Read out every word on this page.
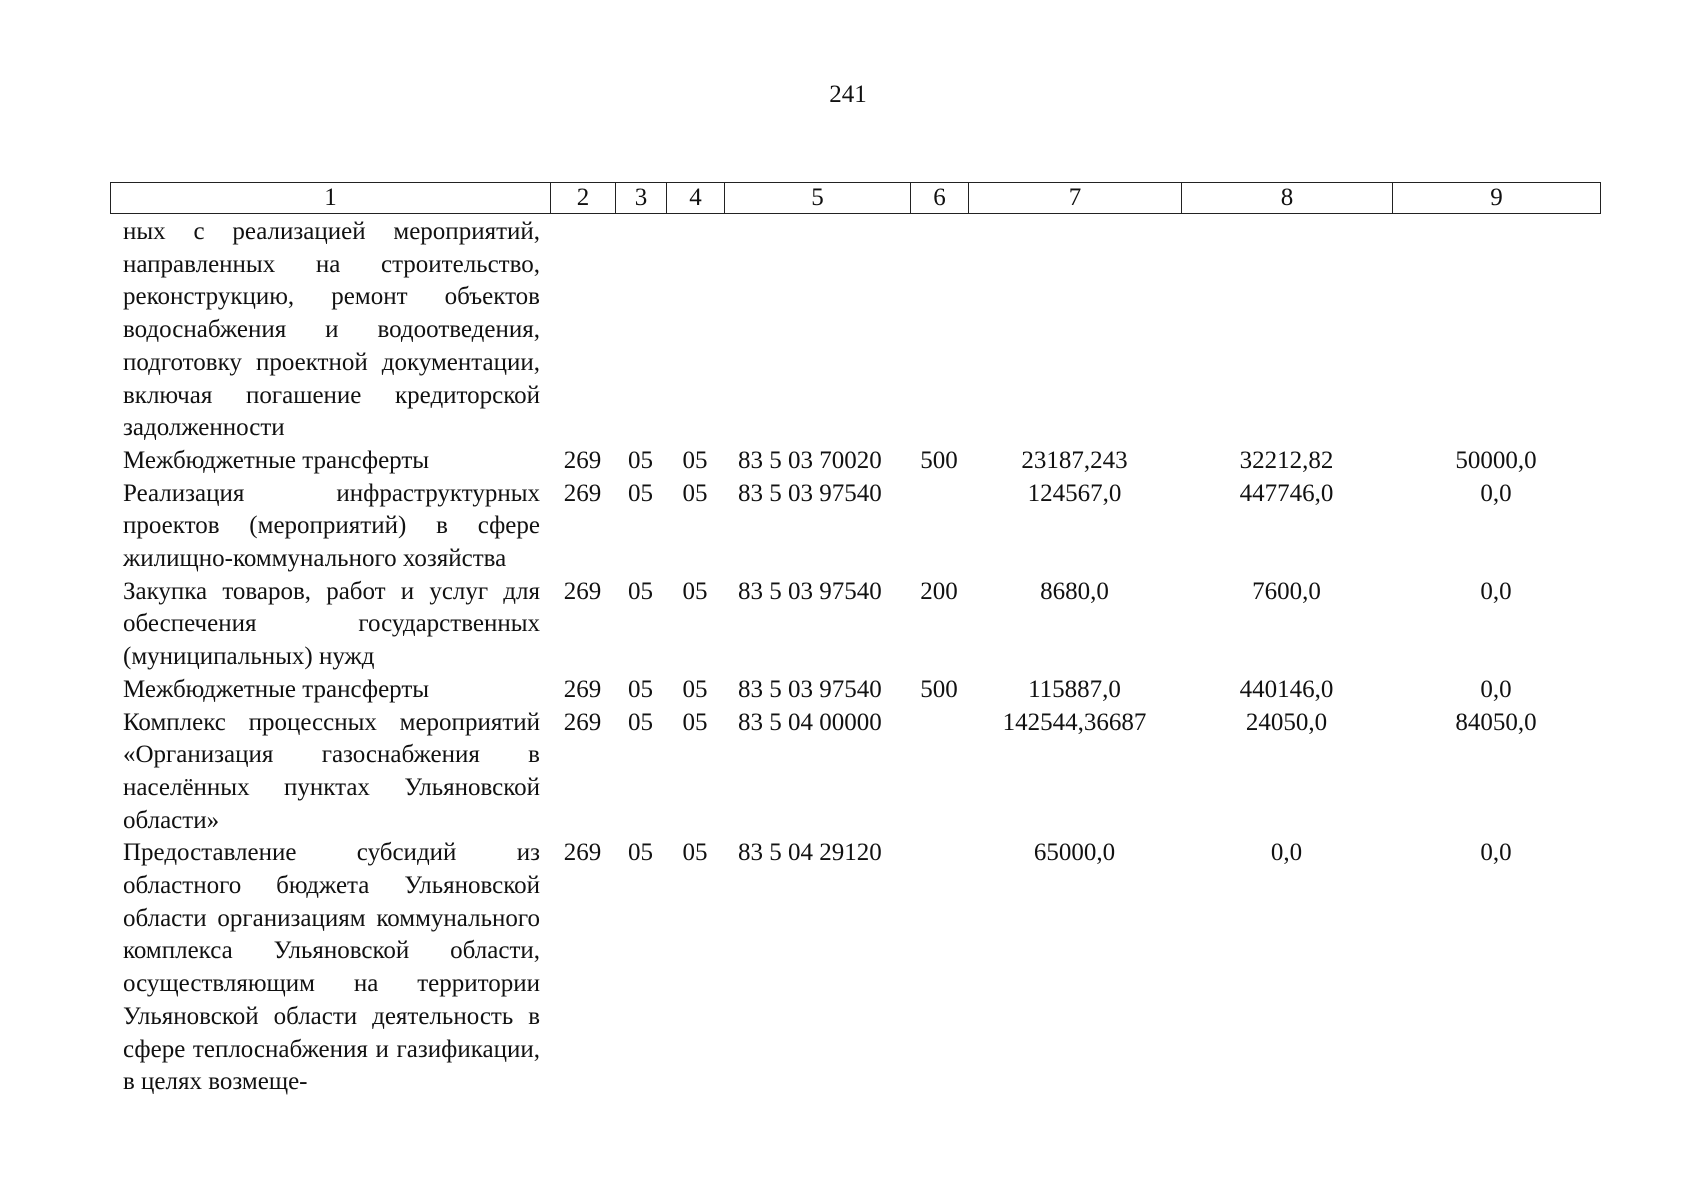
241
1	2	3	4	5	6	7	8	9
ных с реализацией мероприятий, направленных на строительство, реконструкцию, ремонт объектов водоснабжения и водоотведения, подготовку проектной документации, включая погашение кредиторской задолженности								
Межбюджетные трансферты	269	05	05	83 5 03 70020	500	23187,243	32212,82	50000,0
Реализация инфраструктурных проектов (мероприятий) в сфере жилищно-коммунального хозяйства	269	05	05	83 5 03 97540		124567,0	447746,0	0,0
Закупка товаров, работ и услуг для обеспечения государственных (муниципальных) нужд	269	05	05	83 5 03 97540	200	8680,0	7600,0	0,0
Межбюджетные трансферты	269	05	05	83 5 03 97540	500	115887,0	440146,0	0,0
Комплекс процессных мероприятий «Организация газоснабжения в населённых пунктах Ульяновской области»	269	05	05	83 5 04 00000		142544,36687	24050,0	84050,0
Предоставление субсидий из областного бюджета Ульяновской области организациям коммунального комплекса Ульяновской области, осуществляющим на территории Ульяновской области деятельность в сфере теплоснабжения и газификации, в целях возмеще-	269	05	05	83 5 04 29120		65000,0	0,0	0,0
